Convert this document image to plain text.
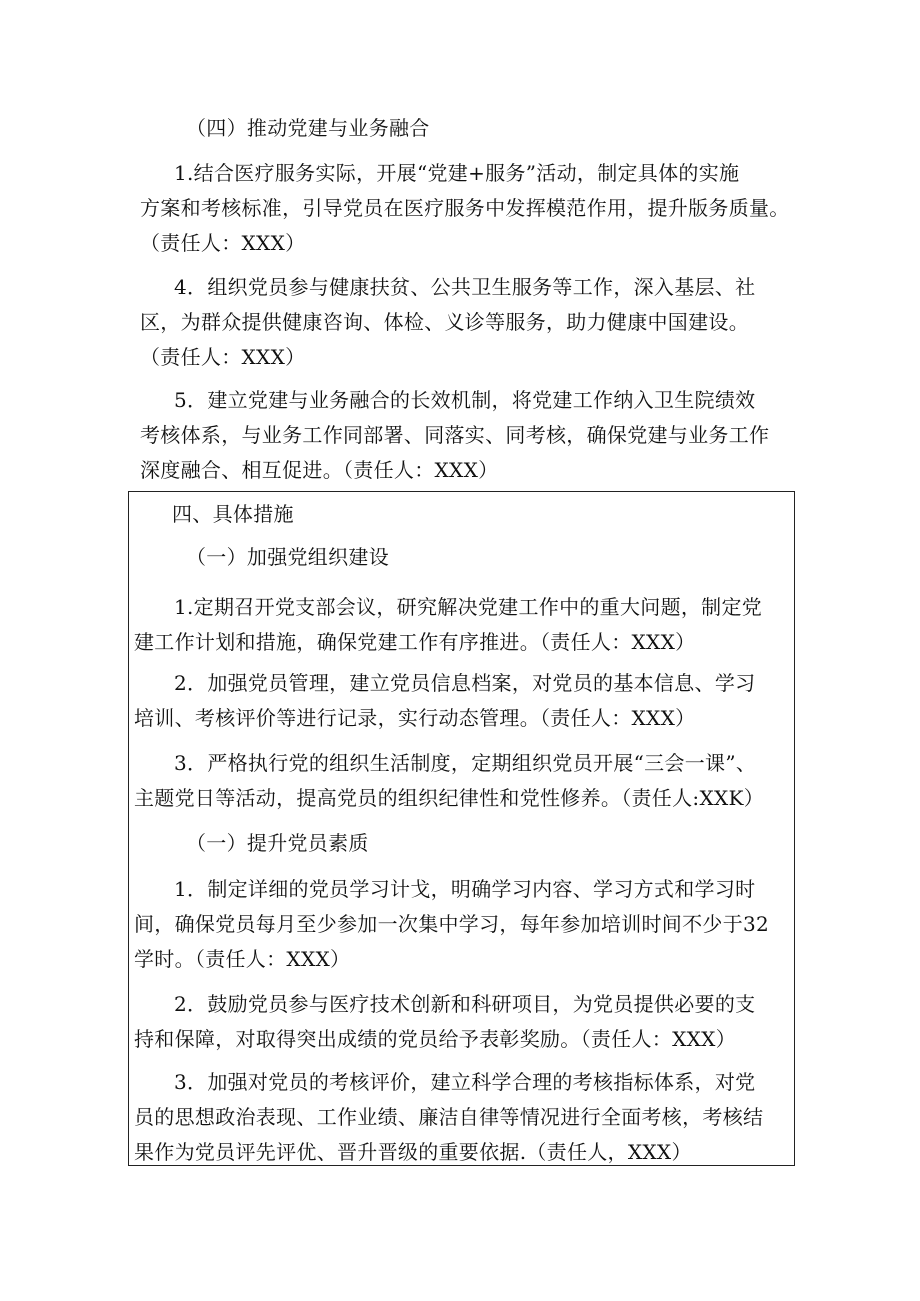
（四）推动党建与业务融合

1.结合医疗服务实际，开展“党建+服务”活动，制定具体的实施
方案和考核标准，引导党员在医疗服务中发挥模范作用，提升版务质量。
（责任人：XXX）

4．组织党员参与健康扶贫、公共卫生服务等工作，深入基层、社
区，为群众提供健康咨询、体检、义诊等服务，助力健康中国建设。
（责任人：XXX）

5．建立党建与业务融合的长效机制，将党建工作纳入卫生院绩效
考核体系，与业务工作同部署、同落实、同考核，确保党建与业务工作
深度融合、相互促进。（责任人：XXX）

四、具体措施

（一）加强党组织建设

1.定期召开党支部会议，研究解决党建工作中的重大问题，制定党
建工作计划和措施，确保党建工作有序推进。（责任人：XXX）

2．加强党员管理，建立党员信息档案，对党员的基本信息、学习
培训、考核评价等进行记录，实行动态管理。（责任人：XXX）

3．严格执行党的组织生活制度，定期组织党员开展“三会一课”、
主题党日等活动，提高党员的组织纪律性和党性修养。（责任人:XXK）

（一）提升党员素质

1．制定详细的党员学习计戈，明确学习内容、学习方式和学习时
间，确保党员每月至少参加一次集中学习，每年参加培训时间不少于32
学时。（责任人：XXX）

2．鼓励党员参与医疗技术创新和科研项目，为党员提供必要的支
持和保障，对取得突出成绩的党员给予表彰奖励。（责任人：XXX）

3．加强对党员的考核评价，建立科学合理的考核指标体系，对党
员的思想政治表现、工作业绩、廉洁自律等情况进行全面考核，考核结
果作为党员评先评优、晋升晋级的重要依据.（责任人，XXX）
